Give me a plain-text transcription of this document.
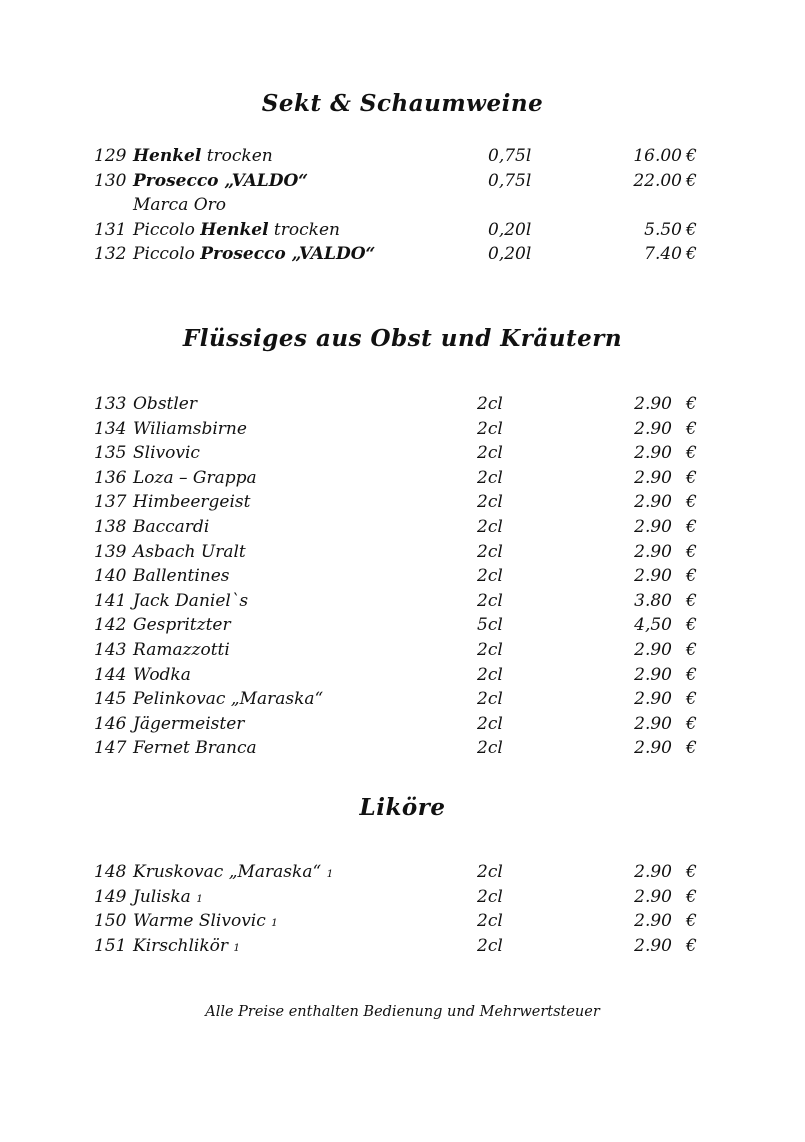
Sekt & Schaumweine
129 Henkel trocken	0,75l	16.00 €
130 Prosecco „VALDO“	0,75l	22.00 €
Marca Oro
131 Piccolo Henkel trocken	0,20l	5.50 €
132 Piccolo Prosecco „VALDO“	0,20l	7.40 €
Flüssiges aus Obst und Kräutern
133 Obstler	2cl	2.90 €
134 Wiliamsbirne	2cl	2.90 €
135 Slivovic	2cl	2.90 €
136 Loza – Grappa	2cl	2.90 €
137 Himbeergeist	2cl	2.90 €
138 Baccardi	2cl	2.90 €
139 Asbach Uralt	2cl	2.90 €
140 Ballentines	2cl	2.90 €
141 Jack Daniel`s	2cl	3.80 €
142 Gespritzter	5cl	4,50 €
143 Ramazzotti	2cl	2.90 €
144 Wodka	2cl	2.90 €
145 Pelinkovac „Maraska“	2cl	2.90 €
146 Jägermeister	2cl	2.90 €
147 Fernet Branca	2cl	2.90 €
Liköre
148 Kruskovac „Maraska“ 1	2cl	2.90 €
149 Juliska 1	2cl	2.90 €
150 Warme Slivovic 1	2cl	2.90 €
151 Kirschlikör 1	2cl	2.90 €
Alle Preise enthalten Bedienung und Mehrwertsteuer
